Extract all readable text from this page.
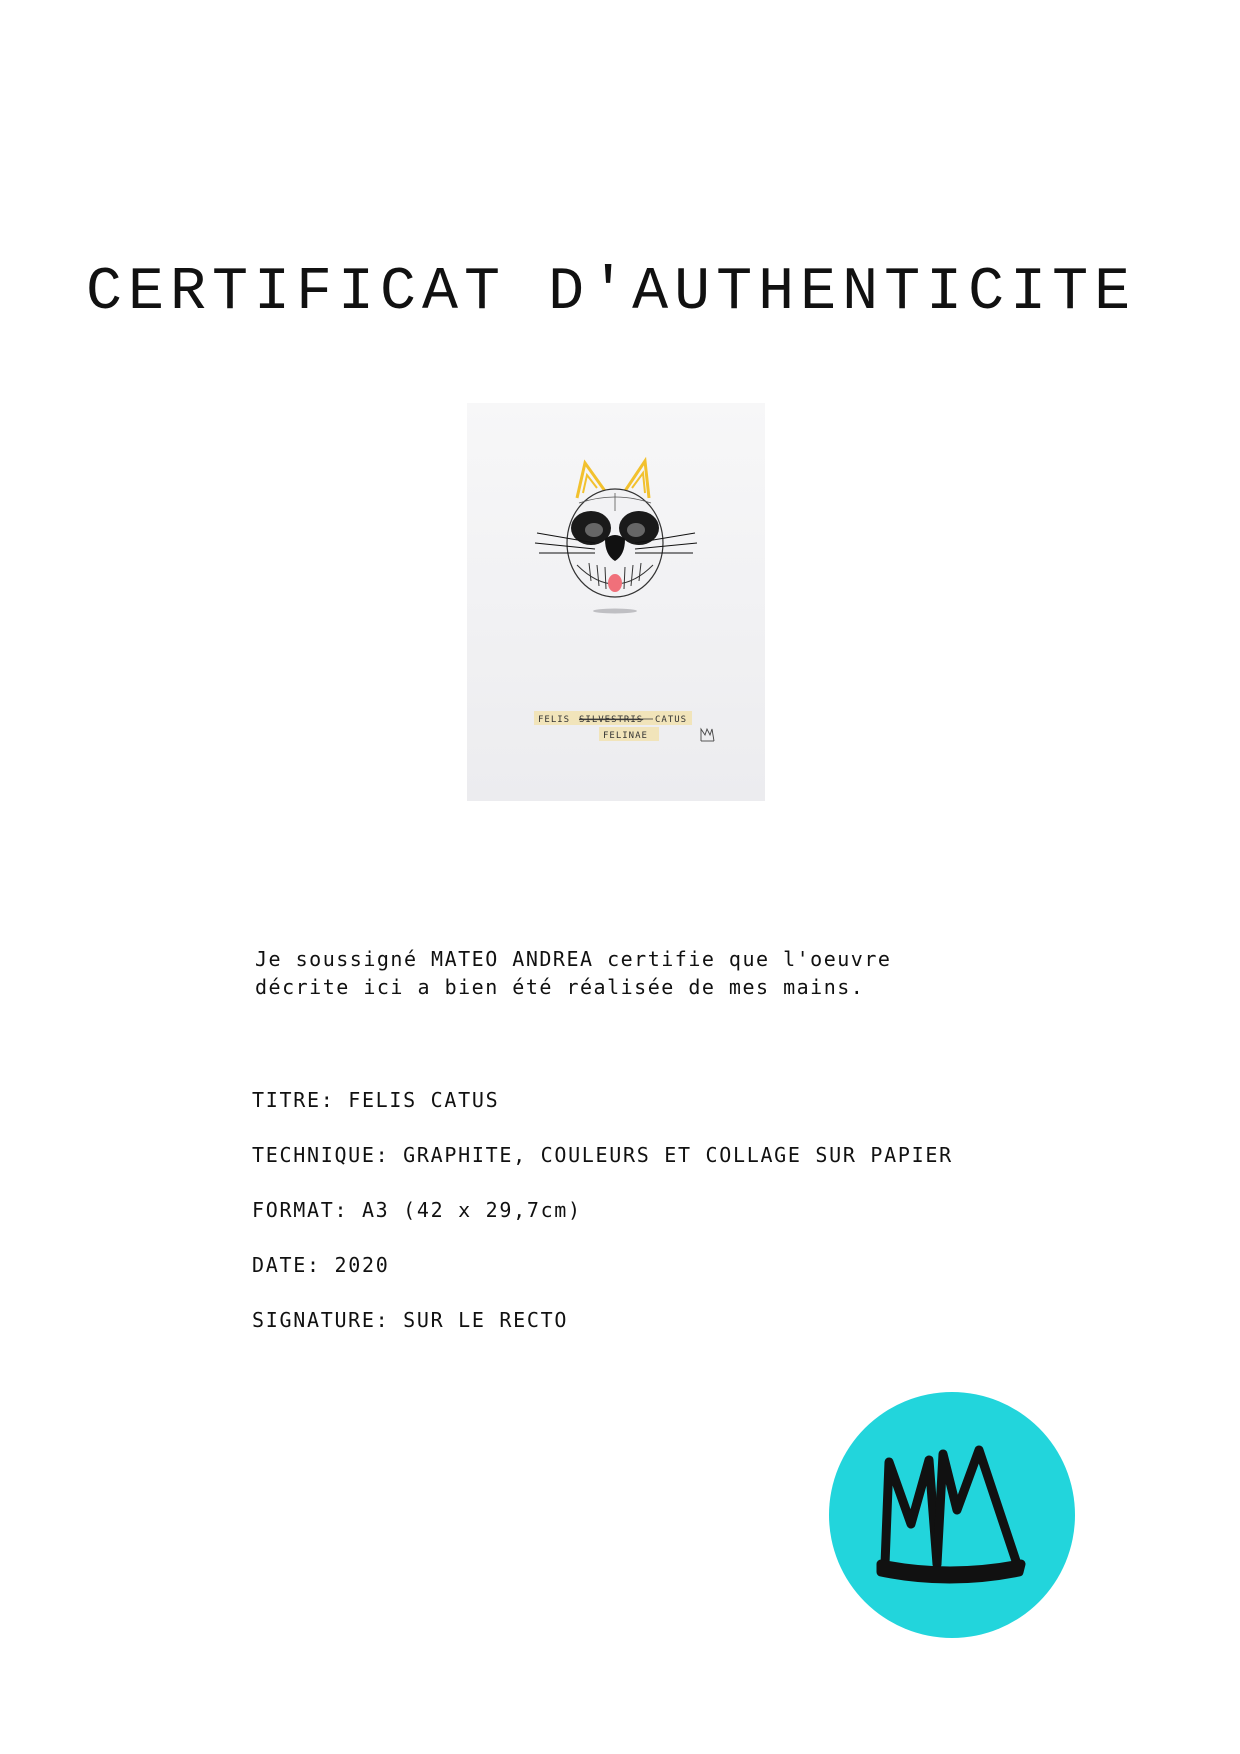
CERTIFICAT D'AUTHENTICITE
FELIS SILVESTRIS CATUS
FELINAE

Je soussigné MATEO ANDREA certifie que l'oeuvre

décrite ici a bien été réalisée de mes mains.

TITRE: FELIS CATUS
TECHNIQUE: GRAPHITE, COULEURS ET COLLAGE SUR PAPIER
FORMAT: A3 (42 x 29,7cm)
DATE: 2020
SIGNATURE: SUR LE RECTO
